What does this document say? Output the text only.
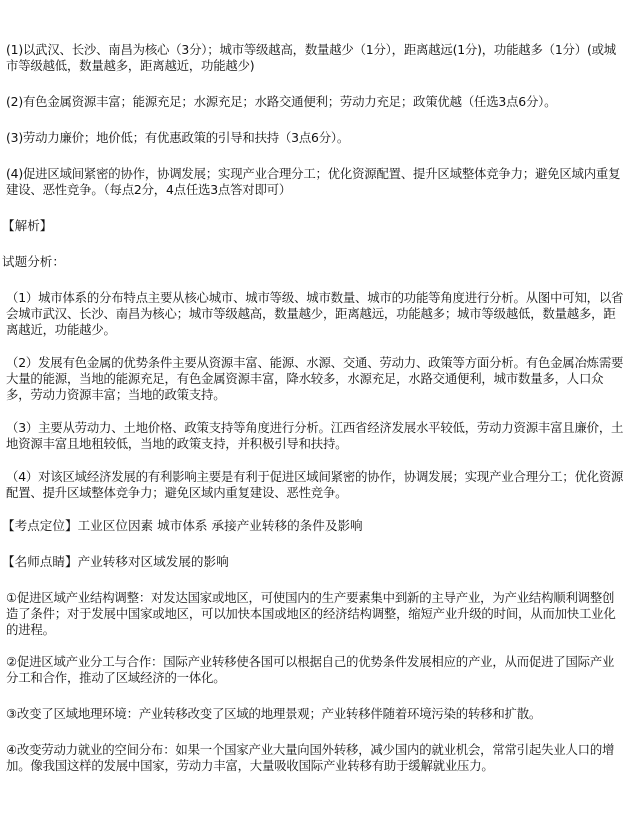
(1)以武汉、长沙、南昌为核心（3分）；城市等级越高，数量越少（1分），距离越远(1分)，功能越多（1分）(或城市等级越低，数量越多，距离越近，功能越少)

(2)有色金属资源丰富；能源充足；水源充足；水路交通便利；劳动力充足；政策优越（任选3点6分）。

(3)劳动力廉价；地价低；有优惠政策的引导和扶持（3点6分）。

(4)促进区域间紧密的协作，协调发展；实现产业合理分工；优化资源配置、提升区域整体竞争力；避免区域内重复建设、恶性竞争。（每点2分，4点任选3点答对即可）

【解析】

试题分析：

（1）城市体系的分布特点主要从核心城市、城市等级、城市数量、城市的功能等角度进行分析。从图中可知，以省会城市武汉、长沙、南昌为核心；城市等级越高，数量越少，距离越远，功能越多；城市等级越低，数量越多，距离越近，功能越少。

（2）发展有色金属的优势条件主要从资源丰富、能源、水源、交通、劳动力、政策等方面分析。有色金属冶炼需要大量的能源，当地的能源充足，有色金属资源丰富，降水较多，水源充足，水路交通便利，城市数量多，人口众多，劳动力资源丰富；当地的政策支持。

（3）主要从劳动力、土地价格、政策支持等角度进行分析。江西省经济发展水平较低，劳动力资源丰富且廉价，土地资源丰富且地租较低，当地的政策支持，并积极引导和扶持。

（4）对该区域经济发展的有利影响主要是有利于促进区域间紧密的协作，协调发展；实现产业合理分工；优化资源配置、提升区域整体竞争力；避免区域内重复建设、恶性竞争。

【考点定位】工业区位因素 城市体系 承接产业转移的条件及影响

【名师点睛】产业转移对区域发展的影响

①促进区域产业结构调整：对发达国家或地区，可使国内的生产要素集中到新的主导产业，为产业结构顺利调整创造了条件；对于发展中国家或地区，可以加快本国或地区的经济结构调整，缩短产业升级的时间，从而加快工业化的进程。

②促进区域产业分工与合作：国际产业转移使各国可以根据自己的优势条件发展相应的产业，从而促进了国际产业分工和合作，推动了区域经济的一体化。

③改变了区域地理环境：产业转移改变了区域的地理景观；产业转移伴随着环境污染的转移和扩散。

④改变劳动力就业的空间分布：如果一个国家产业大量向国外转移，减少国内的就业机会，常常引起失业人口的增加。像我国这样的发展中国家，劳动力丰富，大量吸收国际产业转移有助于缓解就业压力。
